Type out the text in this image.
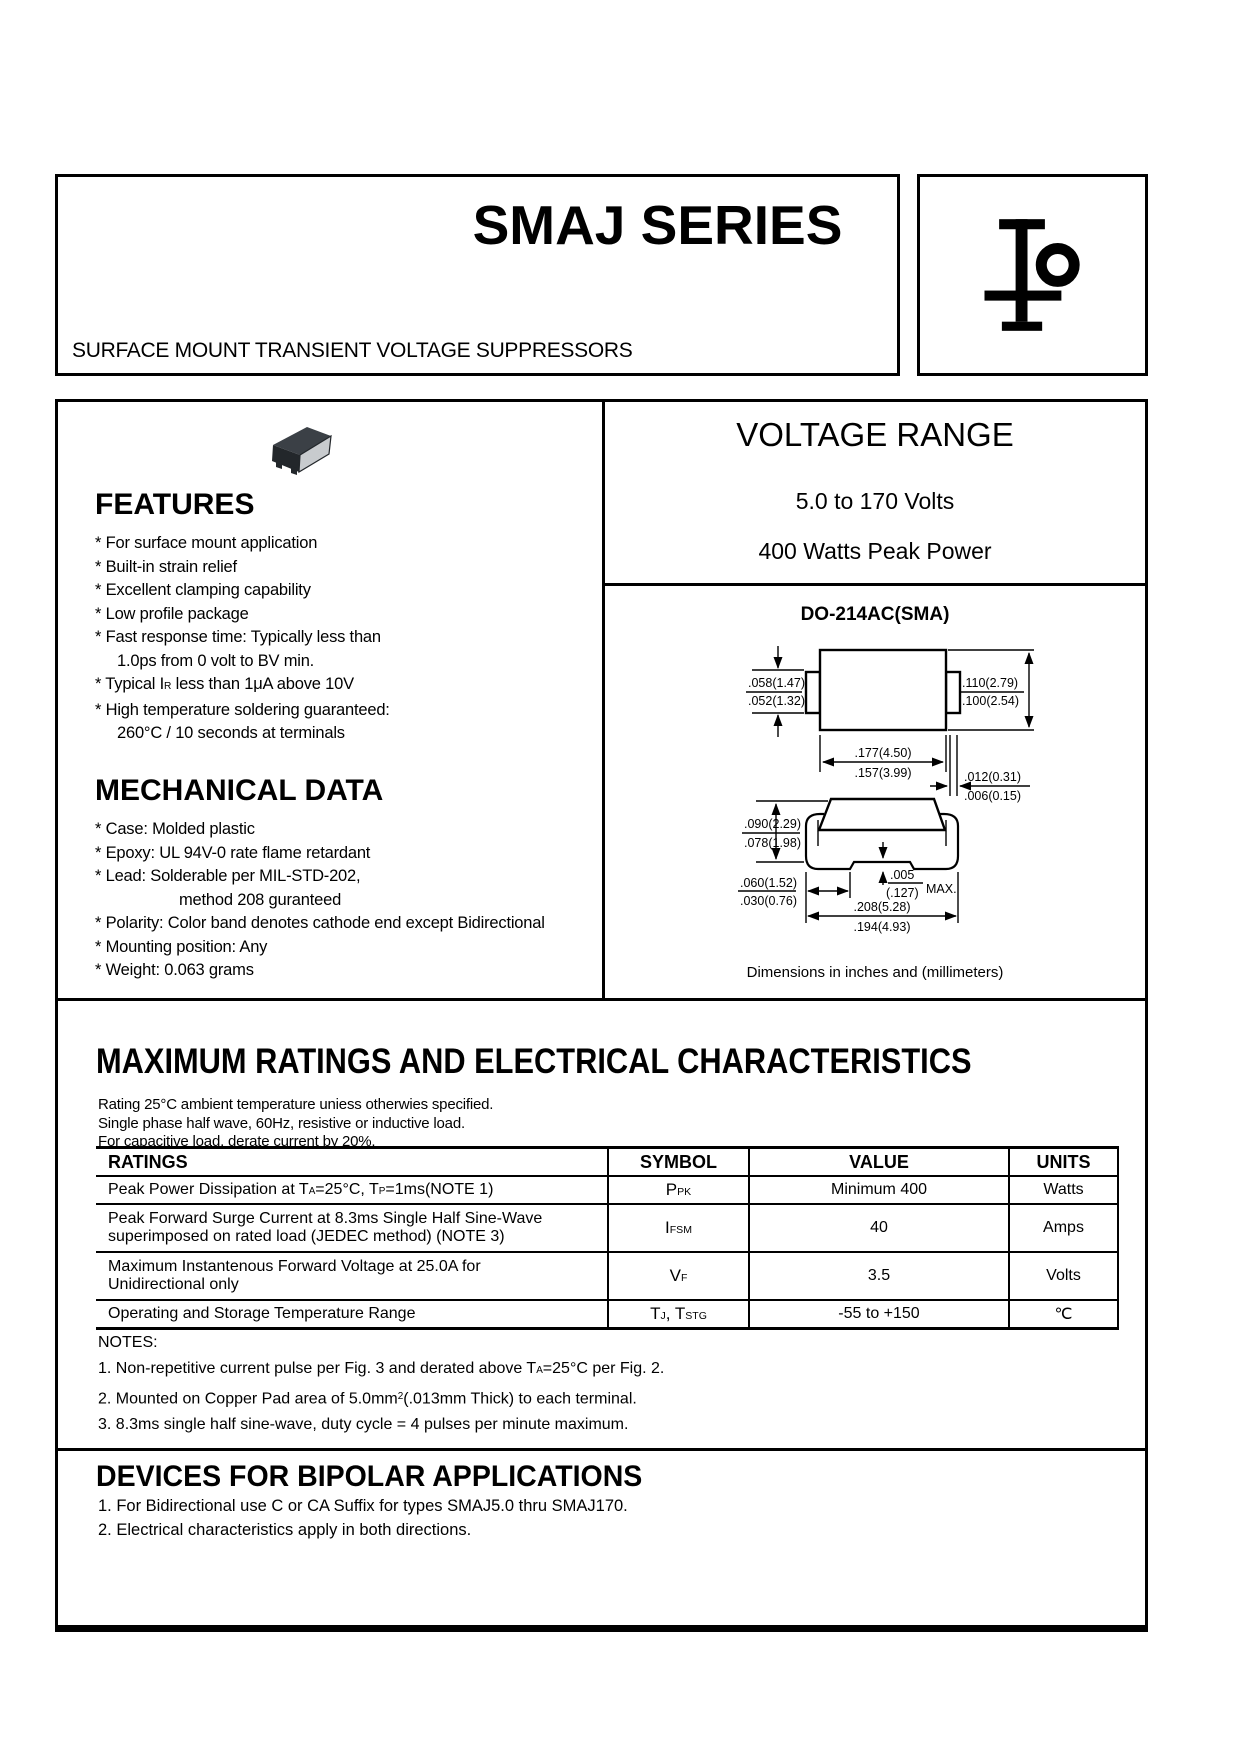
SMAJ SERIES
SURFACE MOUNT TRANSIENT VOLTAGE SUPPRESSORS
FEATURES
* For surface mount application
* Built-in strain relief
* Excellent clamping capability
* Low profile package
* Fast response time: Typically less than
1.0ps from 0 volt to BV min.
* Typical IR less than 1μA above 10V
* High temperature soldering guaranteed:
260°C / 10 seconds at terminals
MECHANICAL DATA
* Case: Molded plastic
* Epoxy: UL 94V-0 rate flame retardant
* Lead: Solderable per MIL-STD-202,
method 208 guranteed
* Polarity: Color band denotes cathode end except Bidirectional
* Mounting position: Any
* Weight: 0.063 grams
VOLTAGE RANGE
5.0 to 170 Volts
400 Watts Peak Power
DO-214AC(SMA)
.058(1.47)
.052(1.32)
.110(2.79)
.100(2.54)
.177(4.50)
.157(3.99)	.012(0.31)
.006(0.15)
.090(2.29)
.078(1.98)
.005
(.127) MAX.
.060(1.52)
.030(0.76)	.208(5.28)
.194(4.93)
Dimensions in inches and (millimeters)
MAXIMUM RATINGS AND ELECTRICAL CHARACTERISTICS
Rating 25°C ambient temperature uniess otherwies specified.
Single phase half wave, 60Hz, resistive or inductive load.
For capacitive load, derate current by 20%.
RATINGS	SYMBOL	VALUE	UNITS
Peak Power Dissipation at TA=25°C, TP=1ms(NOTE 1)	PPK	Minimum 400	Watts
Peak Forward Surge Current at 8.3ms Single Half Sine-Wave
superimposed on rated load (JEDEC method) (NOTE 3)	IFSM	40	Amps
Maximum Instantenous Forward Voltage at 25.0A for
Unidirectional only	VF	3.5	Volts
Operating and Storage Temperature Range	TJ, TSTG	-55 to +150	℃
NOTES:
1. Non-repetitive current pulse per Fig. 3 and derated above TA=25°C per Fig. 2.
2. Mounted on Copper Pad area of $5.0mm^2(.013mm$ Thick) to each terminal.
3. 8.3ms single half sine-wave, duty cycle = 4 pulses per minute maximum.
DEVICES FOR BIPOLAR APPLICATIONS
1. For Bidirectional use C or CA Suffix for types SMAJ5.0 thru SMAJ170.
2. Electrical characteristics apply in both directions.
